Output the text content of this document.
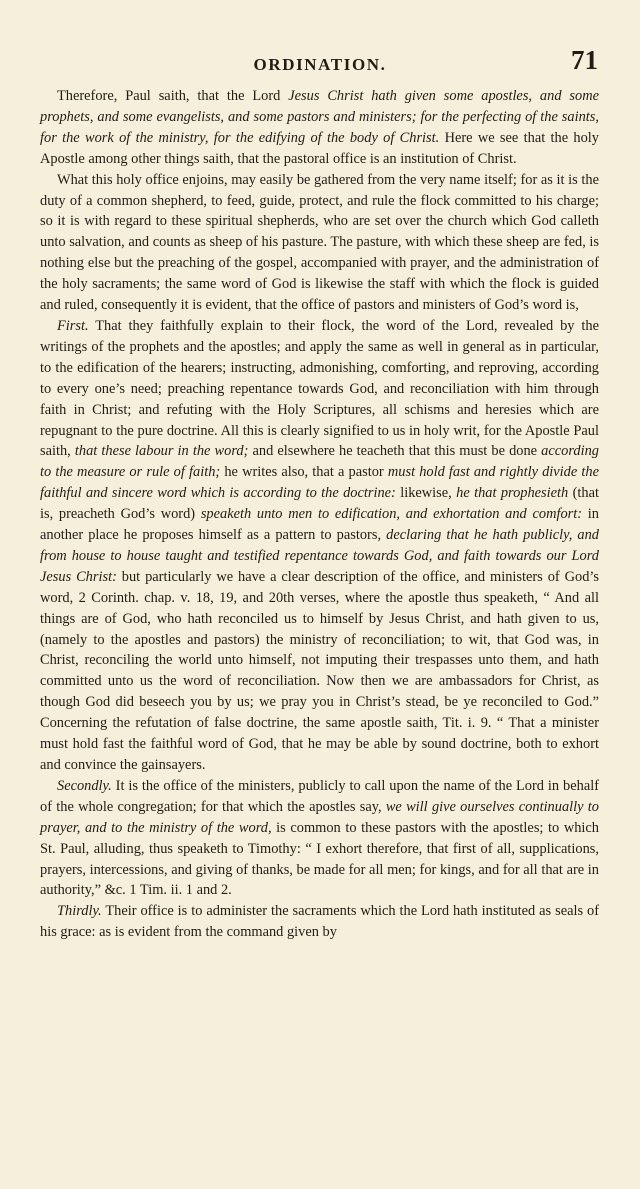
ORDINATION.	71

Therefore, Paul saith, that the Lord Jesus Christ hath given some apostles, and some prophets, and some evangelists, and some pastors and ministers; for the perfecting of the saints, for the work of the ministry, for the edifying of the body of Christ. Here we see that the holy Apostle among other things saith, that the pastoral office is an institution of Christ.

What this holy office enjoins, may easily be gathered from the very name itself; for as it is the duty of a common shepherd, to feed, guide, protect, and rule the flock committed to his charge; so it is with regard to these spiritual shepherds, who are set over the church which God calleth unto salvation, and counts as sheep of his pasture. The pasture, with which these sheep are fed, is nothing else but the preaching of the gospel, accompanied with prayer, and the administration of the holy sacraments; the same word of God is likewise the staff with which the flock is guided and ruled, consequently it is evident, that the office of pastors and ministers of God’s word is,

First. That they faithfully explain to their flock, the word of the Lord, revealed by the writings of the prophets and the apostles; and apply the same as well in general as in particular, to the edification of the hearers; instructing, admonishing, comforting, and reproving, according to every one’s need; preaching repentance towards God, and reconciliation with him through faith in Christ; and refuting with the Holy Scriptures, all schisms and heresies which are repugnant to the pure doctrine. All this is clearly signified to us in holy writ, for the Apostle Paul saith, that these labour in the word; and elsewhere he teacheth that this must be done according to the measure or rule of faith; he writes also, that a pastor must hold fast and rightly divide the faithful and sincere word which is according to the doctrine: likewise, he that prophesieth (that is, preacheth God’s word) speaketh unto men to edification, and exhortation and comfort: in another place he proposes himself as a pattern to pastors, declaring that he hath publicly, and from house to house taught and testified repentance towards God, and faith towards our Lord Jesus Christ: but particularly we have a clear description of the office, and ministers of God’s word, 2 Corinth. chap. v. 18, 19, and 20th verses, where the apostle thus speaketh, “ And all things are of God, who hath reconciled us to himself by Jesus Christ, and hath given to us, (namely to the apostles and pastors) the ministry of reconciliation; to wit, that God was, in Christ, reconciling the world unto himself, not imputing their trespasses unto them, and hath committed unto us the word of reconciliation. Now then we are ambassadors for Christ, as though God did beseech you by us; we pray you in Christ’s stead, be ye reconciled to God.” Concerning the refutation of false doctrine, the same apostle saith, Tit. i. 9. “ That a minister must hold fast the faithful word of God, that he may be able by sound doctrine, both to exhort and convince the gainsayers.

Secondly. It is the office of the ministers, publicly to call upon the name of the Lord in behalf of the whole congregation; for that which the apostles say, we will give ourselves continually to prayer, and to the ministry of the word, is common to these pastors with the apostles; to which St. Paul, alluding, thus speaketh to Timothy: “ I exhort therefore, that first of all, supplications, prayers, intercessions, and giving of thanks, be made for all men; for kings, and for all that are in authority,” &c. 1 Tim. ii. 1 and 2.

Thirdly. Their office is to administer the sacraments which the Lord hath instituted as seals of his grace: as is evident from the command given by
